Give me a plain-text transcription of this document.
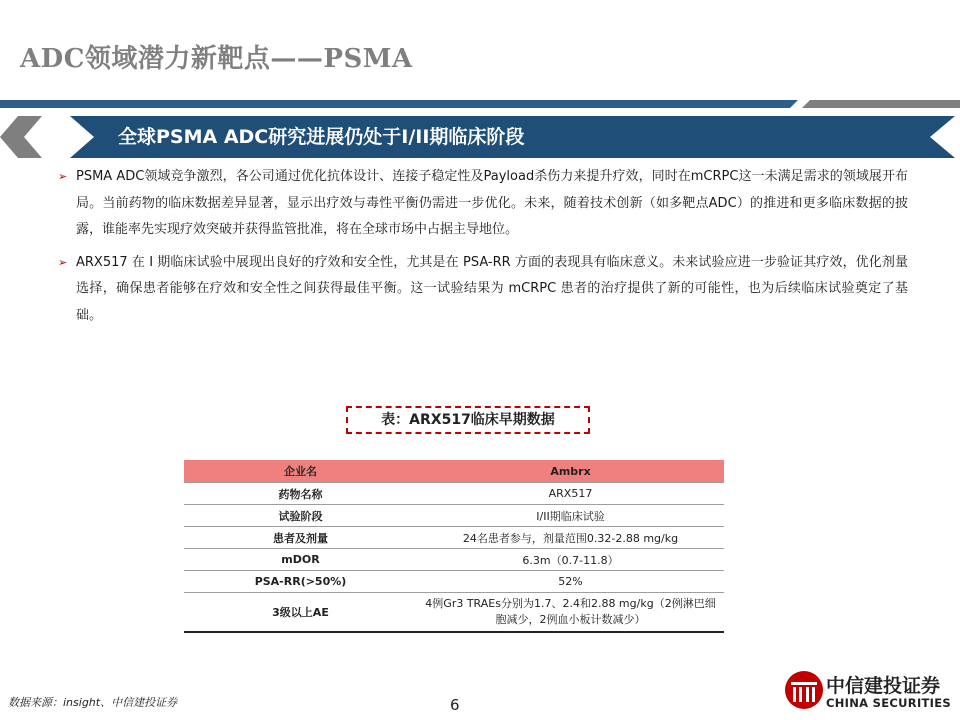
ADC领域潜力新靶点——PSMA
全球PSMA ADC研究进展仍处于I/II期临床阶段
➢ PSMA ADC领域竞争激烈，各公司通过优化抗体设计、连接子稳定性及Payload杀伤力来提升疗效，同时在mCRPC这一未满足需求的领域展开布局。当前药物的临床数据差异显著，显示出疗效与毒性平衡仍需进一步优化。未来，随着技术创新（如多靶点ADC）的推进和更多临床数据的披露，谁能率先实现疗效突破并获得监管批准，将在全球市场中占据主导地位。
➢ ARX517 在 I 期临床试验中展现出良好的疗效和安全性，尤其是在 PSA-RR 方面的表现具有临床意义。未来试验应进一步验证其疗效，优化剂量选择，确保患者能够在疗效和安全性之间获得最佳平衡。这一试验结果为 mCRPC 患者的治疗提供了新的可能性，也为后续临床试验奠定了基础。
表：ARX517临床早期数据
企业名	Ambrx
药物名称	ARX517
试验阶段	I/II期临床试验
患者及剂量	24名患者参与，剂量范围0.32-2.88 mg/kg
mDOR	6.3m（0.7-11.8）
PSA-RR(>50%)	52%
3级以上AE	4例Gr3 TRAEs分别为1.7、2.4和2.88 mg/kg（2例淋巴细胞减少，2例血小板计数减少）
数据来源：insight、中信建投证券	6
中信建投证券
CHINA SECURITIES
